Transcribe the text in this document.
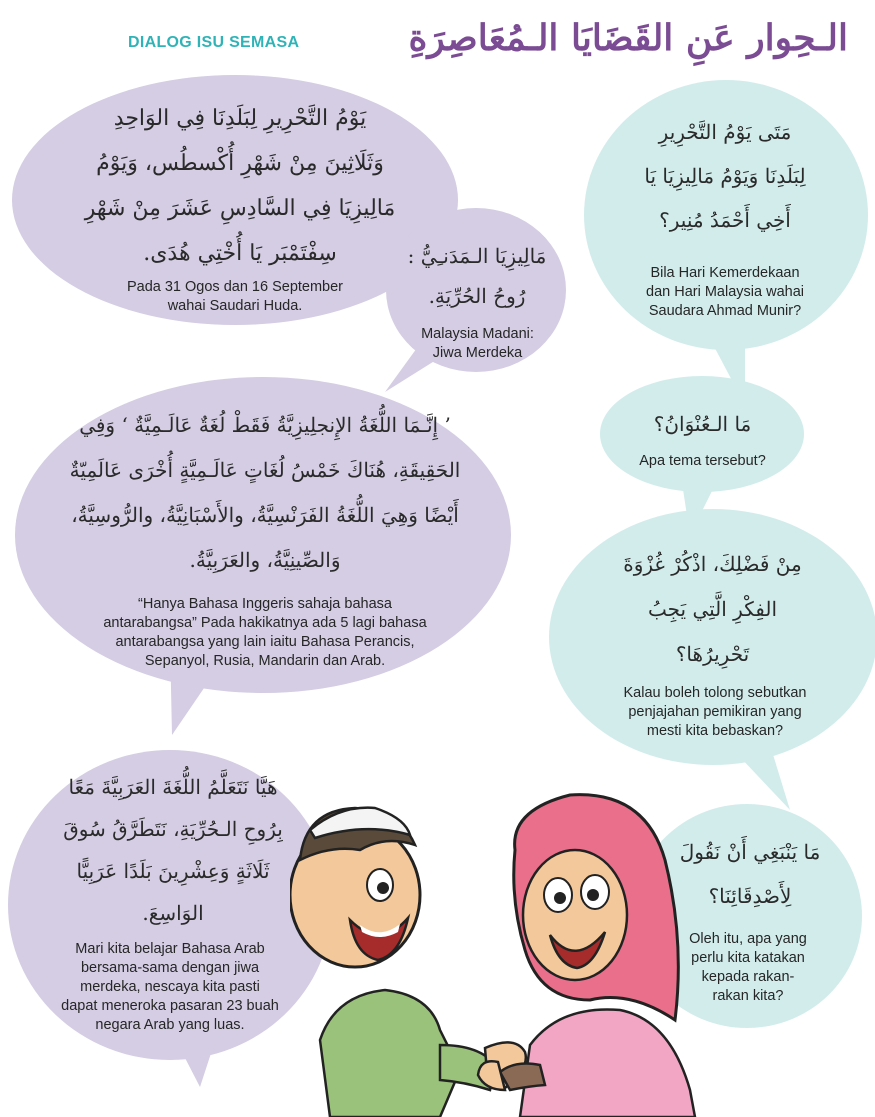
DIALOG ISU SEMASA	الـحِوار عَنِ القَضَايَا الـمُعَاصِرَةِ
يَوْمُ التَّحْرِيرِ لِبَلَدِنَا فِي الوَاحِدِ
وَثَلَاثِينَ مِنْ شَهْرِ أُكْسطُس، وَيَوْمُ
مَالِيزِيَا فِي السَّادِسِ عَشَرَ مِنْ شَهْرِ
سِفْتَمْبَر يَا أُخْتِي هُدَى.
Pada 31 Ogos dan 16 September
wahai Saudari Huda.
مَالِيزِيَا الـمَدَنـِيُّ :
رُوحُ الحُرِّيَةِ.
Malaysia Madani:
Jiwa Merdeka
مَتَى يَوْمُ التَّحْرِيرِ
لِبَلَدِنَا وَيَوْمُ مَالِيزِيَا يَا
أَخِي أَحْمَدُ مُنِير؟
Bila Hari Kemerdekaan
dan Hari Malaysia wahai
Saudara Ahmad Munir?
مَا الـعُنْوَانُ؟
Apa tema tersebut?
’ إِنَّـمَا اللُّغَةُ الإِنجلِيزِيَّةُ فَقَطْ لُغَةٌ عَالَـمِيَّةٌ ‘ وَفِي
الحَقِيقَةِ، هُنَاكَ خَمْسُ لُغَاتٍ عَالَـمِيَّةٍ أُخْرَى عَالَمِيّةٌ
أَيْضًا وَهِيَ اللُّغَةُ الفَرَنْسِيَّةُ، والأَسْبَانِيَّةُ، والرُّوسِيَّةُ،
وَالصِّينِيَّةُ، والعَرَبِيَّةُ.
“Hanya Bahasa Inggeris sahaja bahasa
antarabangsa” Pada hakikatnya ada 5 lagi bahasa
antarabangsa yang lain iaitu Bahasa Perancis,
Sepanyol, Rusia, Mandarin dan Arab.
مِنْ فَضْلِكَ، اذْكُرْ غُزْوَةَ
الفِكْرِ الَّتِي يَجِبُ
تَحْرِيرُهَا؟
Kalau boleh tolong sebutkan
penjajahan pemikiran yang
mesti kita bebaskan?
هَيَّا نَتَعَلَّمُ اللُّغَةَ العَرَبِيَّةَ مَعًا
بِرُوحِ الـحُرِّيَةِ، نَتَطَرَّقُ سُوقَ
ثَلَاثَةٍ وَعِشْرِينَ بَلَدًا عَرَبِيًّا
الوَاسِعَ.
Mari kita belajar Bahasa Arab
bersama-sama dengan jiwa
merdeka, nescaya kita pasti
dapat meneroka pasaran 23 buah
negara Arab yang luas.
مَا يَنْبَغِي أَنْ نَقُولَ
لِأَصْدِقَائِنَا؟
Oleh itu, apa yang
perlu kita katakan
kepada rakan-
rakan kita?
